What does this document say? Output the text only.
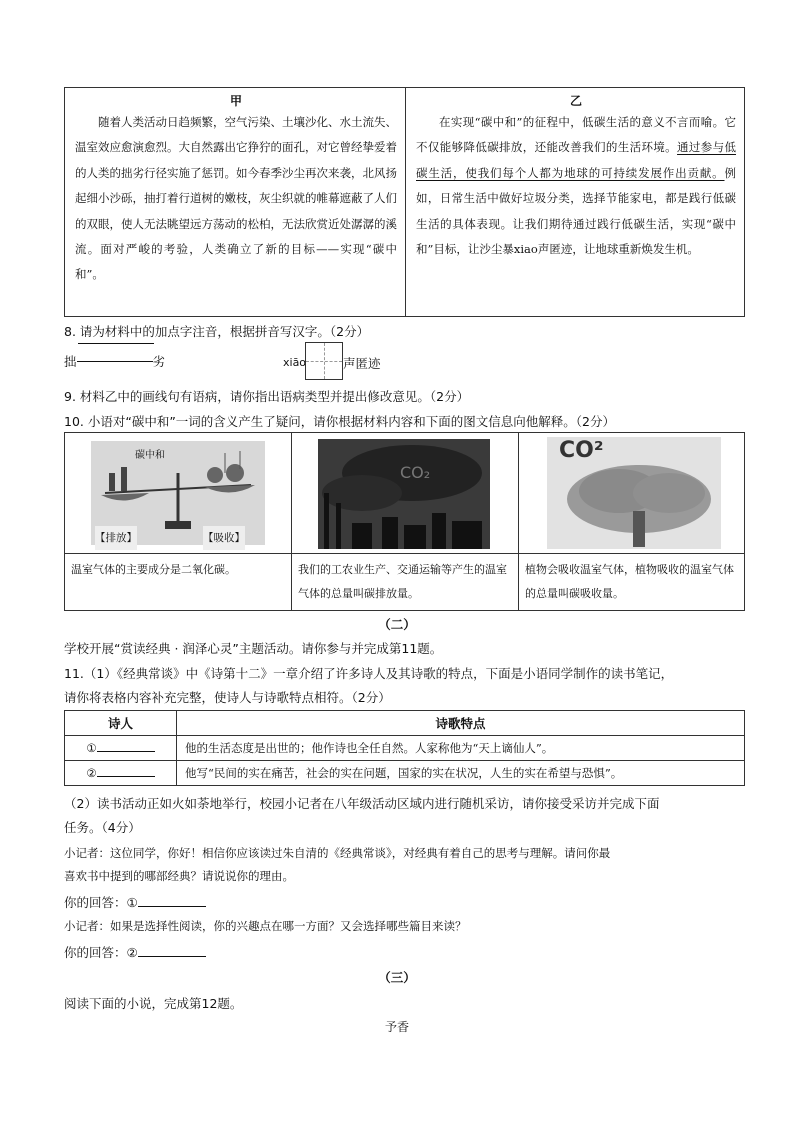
甲
随着人类活动日趋频繁，空气污染、土壤沙化、水土流失、温室效应愈演愈烈。大自然露出它狰狞的面孔，对它曾经挚爱着的人类的拙劣行径实施了惩罚。如今春季沙尘再次来袭，北风扬起细小沙砾，抽打着行道树的嫩枝，灰尘织就的帷幕遮蔽了人们的双眼，使人无法眺望远方荡动的松柏，无法欣赏近处潺潺的溪流。面对严峻的考验，人类确立了新的目标——实现“碳中和”。

乙
在实现“碳中和”的征程中，低碳生活的意义不言而喻。它不仅能够降低碳排放，还能改善我们的生活环境。通过参与低碳生活，使我们每个人都为地球的可持续发展作出贡献。例如，日常生活中做好垃圾分类，选择节能家电，都是践行低碳生活的具体表现。让我们期待通过践行低碳生活，实现“碳中和”目标，让沙尘暴xiao声匿迹，让地球重新焕发生机。
8. 请为材料中的加点字注音，根据拼音写汉字。（2分）
拙	劣	xiāo	声匿迹
9. 材料乙中的画线句有语病，请你指出语病类型并提出修改意见。（2分）
10. 小语对“碳中和”一词的含义产生了疑问，请你根据材料内容和下面的图文信息向他解释。（2分）
碳中和
【排放】	【吸收】
温室气体的主要成分是二氧化碳。

CO₂
我们的工农业生产、交通运输等产生的温室气体的总量叫碳排放量。

CO²
植物会吸收温室气体，植物吸收的温室气体的总量叫碳吸收量。
（二）
学校开展“赏读经典 · 润泽心灵”主题活动。请你参与并完成第11题。
11.（1）《经典常谈》中《诗第十二》一章介绍了许多诗人及其诗歌的特点，下面是小语同学制作的读书笔记，
请你将表格内容补充完整，使诗人与诗歌特点相符。（2分）
诗人	诗歌特点
①	他的生活态度是出世的；他作诗也全任自然。人家称他为“天上谪仙人”。
②	他写“民间的实在痛苦，社会的实在问题，国家的实在状况，人生的实在希望与恐惧”。
（2）读书活动正如火如荼地举行，校园小记者在八年级活动区域内进行随机采访，请你接受采访并完成下面
任务。（4分）
小记者：这位同学，你好！相信你应该读过朱自清的《经典常谈》，对经典有着自己的思考与理解。请问你最
喜欢书中提到的哪部经典？请说说你的理由。
你的回答：①
小记者：如果是选择性阅读，你的兴趣点在哪一方面？又会选择哪些篇目来读？
你的回答：②
（三）
阅读下面的小说，完成第12题。
予香
